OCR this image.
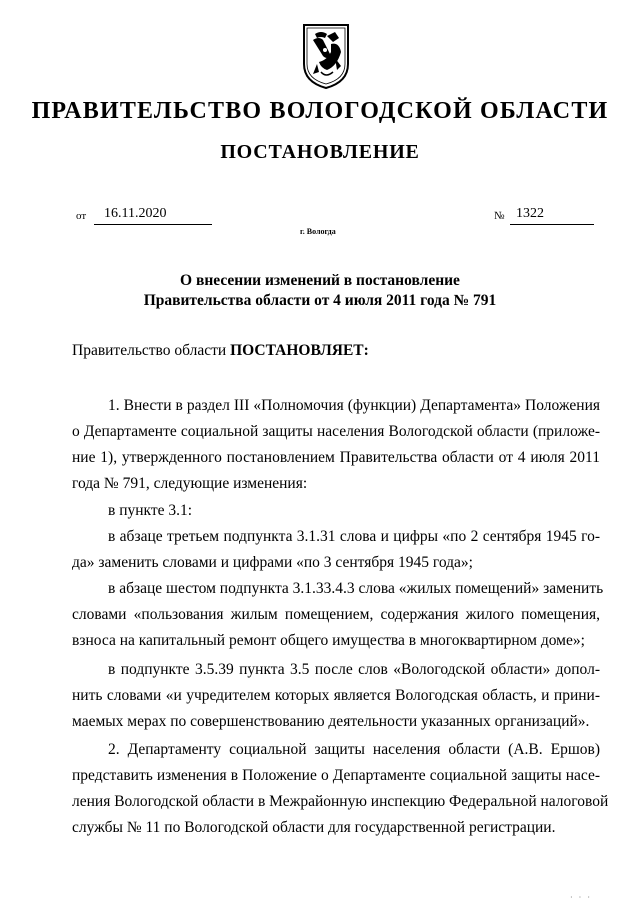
ПРАВИТЕЛЬСТВО ВОЛОГОДСКОЙ ОБЛАСТИ
ПОСТАНОВЛЕНИЕ
от 16.11.2020	№ 1322
г. Вологда
О внесении изменений в постановление
Правительства области от 4 июля 2011 года № 791
Правительство области ПОСТАНОВЛЯЕТ:
1. Внести в раздел III «Полномочия (функции) Департамента» Положения
о Департаменте социальной защиты населения Вологодской области (приложе-
ние 1), утвержденного постановлением Правительства области от 4 июля 2011
года № 791, следующие изменения:
в пункте 3.1:
в абзаце третьем подпункта 3.1.31 слова и цифры «по 2 сентября 1945 го-
да» заменить словами и цифрами «по 3 сентября 1945 года»;
в абзаце шестом подпункта 3.1.33.4.3 слова «жилых помещений» заменить
словами «пользования жилым помещением, содержания жилого помещения,
взноса на капитальный ремонт общего имущества в многоквартирном доме»;
в подпункте 3.5.39 пункта 3.5 после слов «Вологодской области» допол-
нить словами «и учредителем которых является Вологодская область, и прини-
маемых мерах по совершенствованию деятельности указанных организаций».
2. Департаменту социальной защиты населения области (А.В. Ершов)
представить изменения в Положение о Департаменте социальной защиты насе-
ления Вологодской области в Межрайонную инспекцию Федеральной налоговой
службы № 11 по Вологодской области для государственной регистрации.
· · ·
